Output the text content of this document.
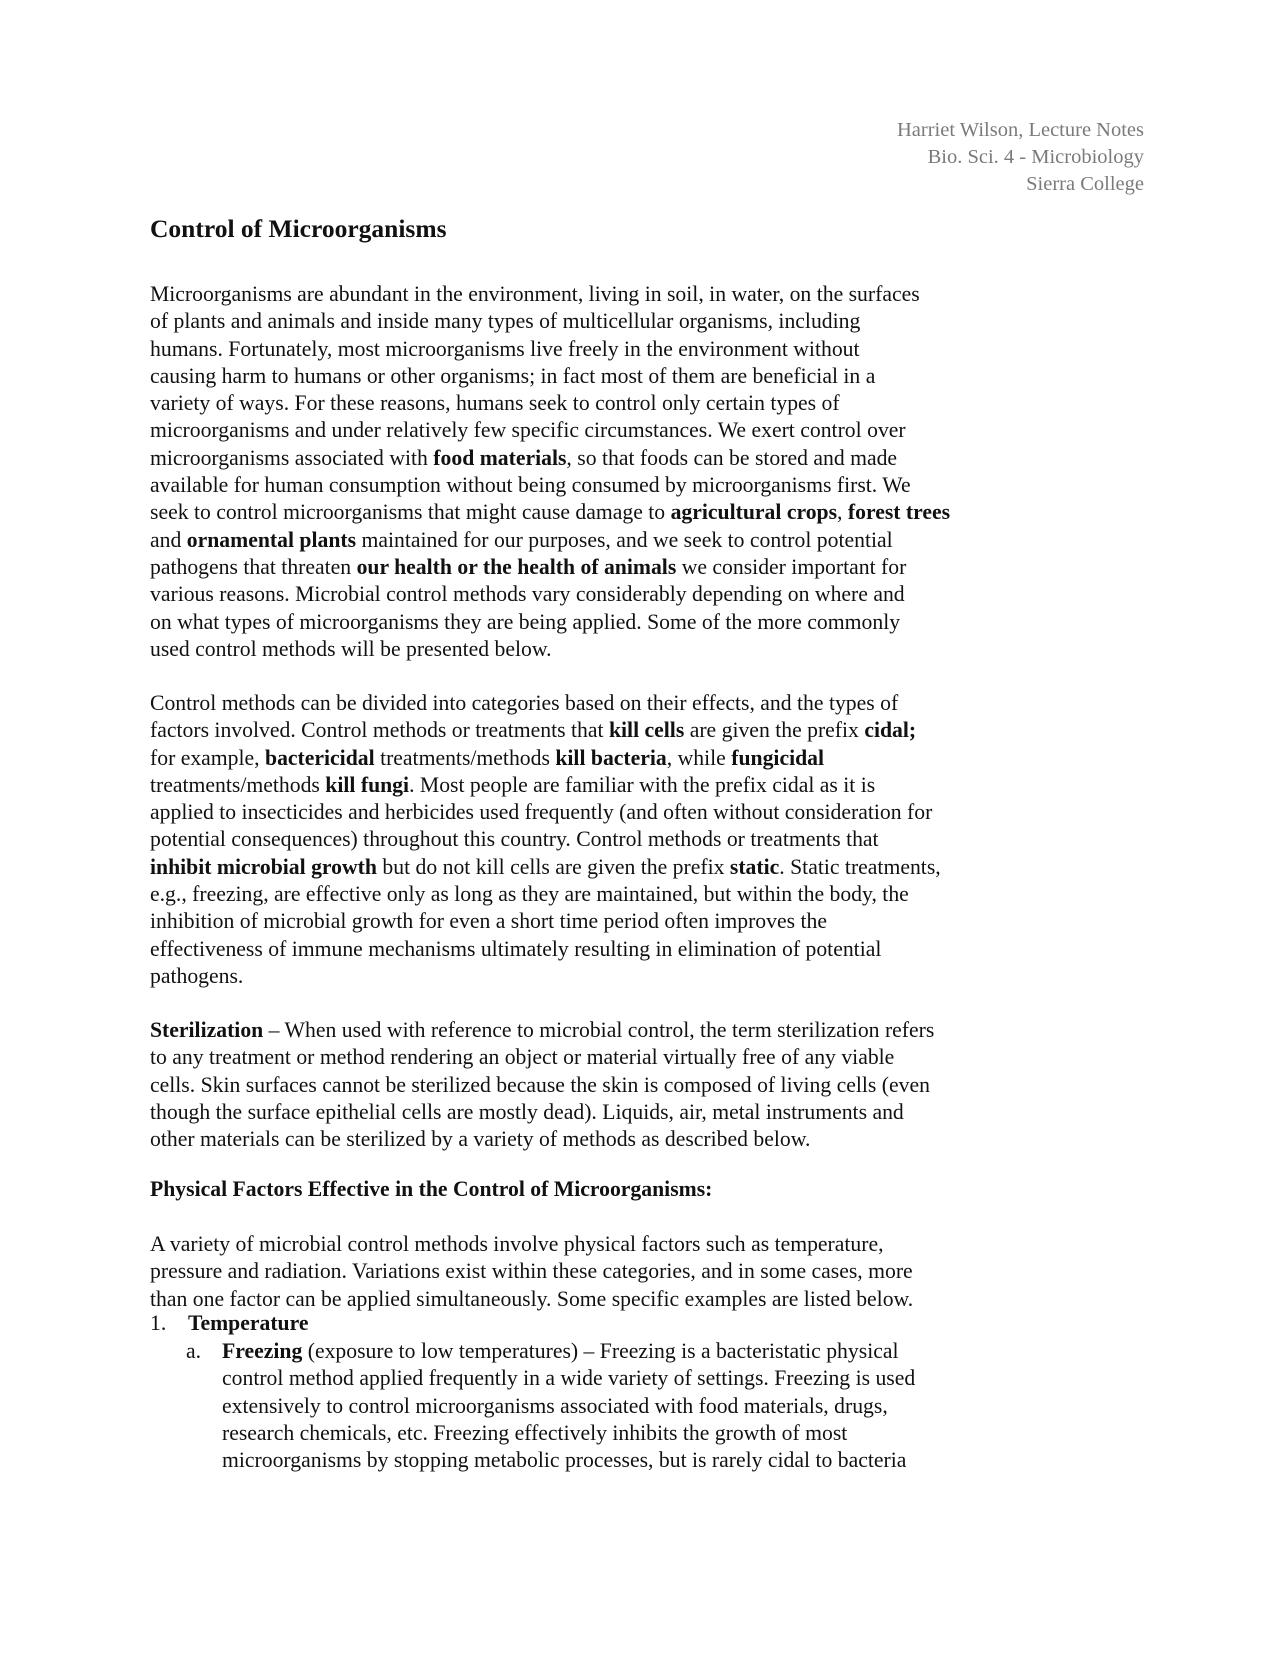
Harriet Wilson, Lecture Notes
Bio. Sci. 4 - Microbiology
Sierra College
Control of Microorganisms
Microorganisms are abundant in the environment, living in soil, in water, on the surfaces
of plants and animals and inside many types of multicellular organisms, including
humans. Fortunately, most microorganisms live freely in the environment without
causing harm to humans or other organisms; in fact most of them are beneficial in a
variety of ways. For these reasons, humans seek to control only certain types of
microorganisms and under relatively few specific circumstances. We exert control over
microorganisms associated with food materials, so that foods can be stored and made
available for human consumption without being consumed by microorganisms first. We
seek to control microorganisms that might cause damage to agricultural crops, forest trees
and ornamental plants maintained for our purposes, and we seek to control potential
pathogens that threaten our health or the health of animals we consider important for
various reasons. Microbial control methods vary considerably depending on where and
on what types of microorganisms they are being applied. Some of the more commonly
used control methods will be presented below.
Control methods can be divided into categories based on their effects, and the types of
factors involved. Control methods or treatments that kill cells are given the prefix cidal;
for example, bactericidal treatments/methods kill bacteria, while fungicidal
treatments/methods kill fungi. Most people are familiar with the prefix cidal as it is
applied to insecticides and herbicides used frequently (and often without consideration for
potential consequences) throughout this country. Control methods or treatments that
inhibit microbial growth but do not kill cells are given the prefix static. Static treatments,
e.g., freezing, are effective only as long as they are maintained, but within the body, the
inhibition of microbial growth for even a short time period often improves the
effectiveness of immune mechanisms ultimately resulting in elimination of potential
pathogens.
Sterilization – When used with reference to microbial control, the term sterilization refers
to any treatment or method rendering an object or material virtually free of any viable
cells. Skin surfaces cannot be sterilized because the skin is composed of living cells (even
though the surface epithelial cells are mostly dead). Liquids, air, metal instruments and
other materials can be sterilized by a variety of methods as described below.
Physical Factors Effective in the Control of Microorganisms:
A variety of microbial control methods involve physical factors such as temperature,
pressure and radiation. Variations exist within these categories, and in some cases, more
than one factor can be applied simultaneously. Some specific examples are listed below.
1. Temperature
a. Freezing (exposure to low temperatures) – Freezing is a bacteristatic physical
control method applied frequently in a wide variety of settings. Freezing is used
extensively to control microorganisms associated with food materials, drugs,
research chemicals, etc. Freezing effectively inhibits the growth of most
microorganisms by stopping metabolic processes, but is rarely cidal to bacteria
